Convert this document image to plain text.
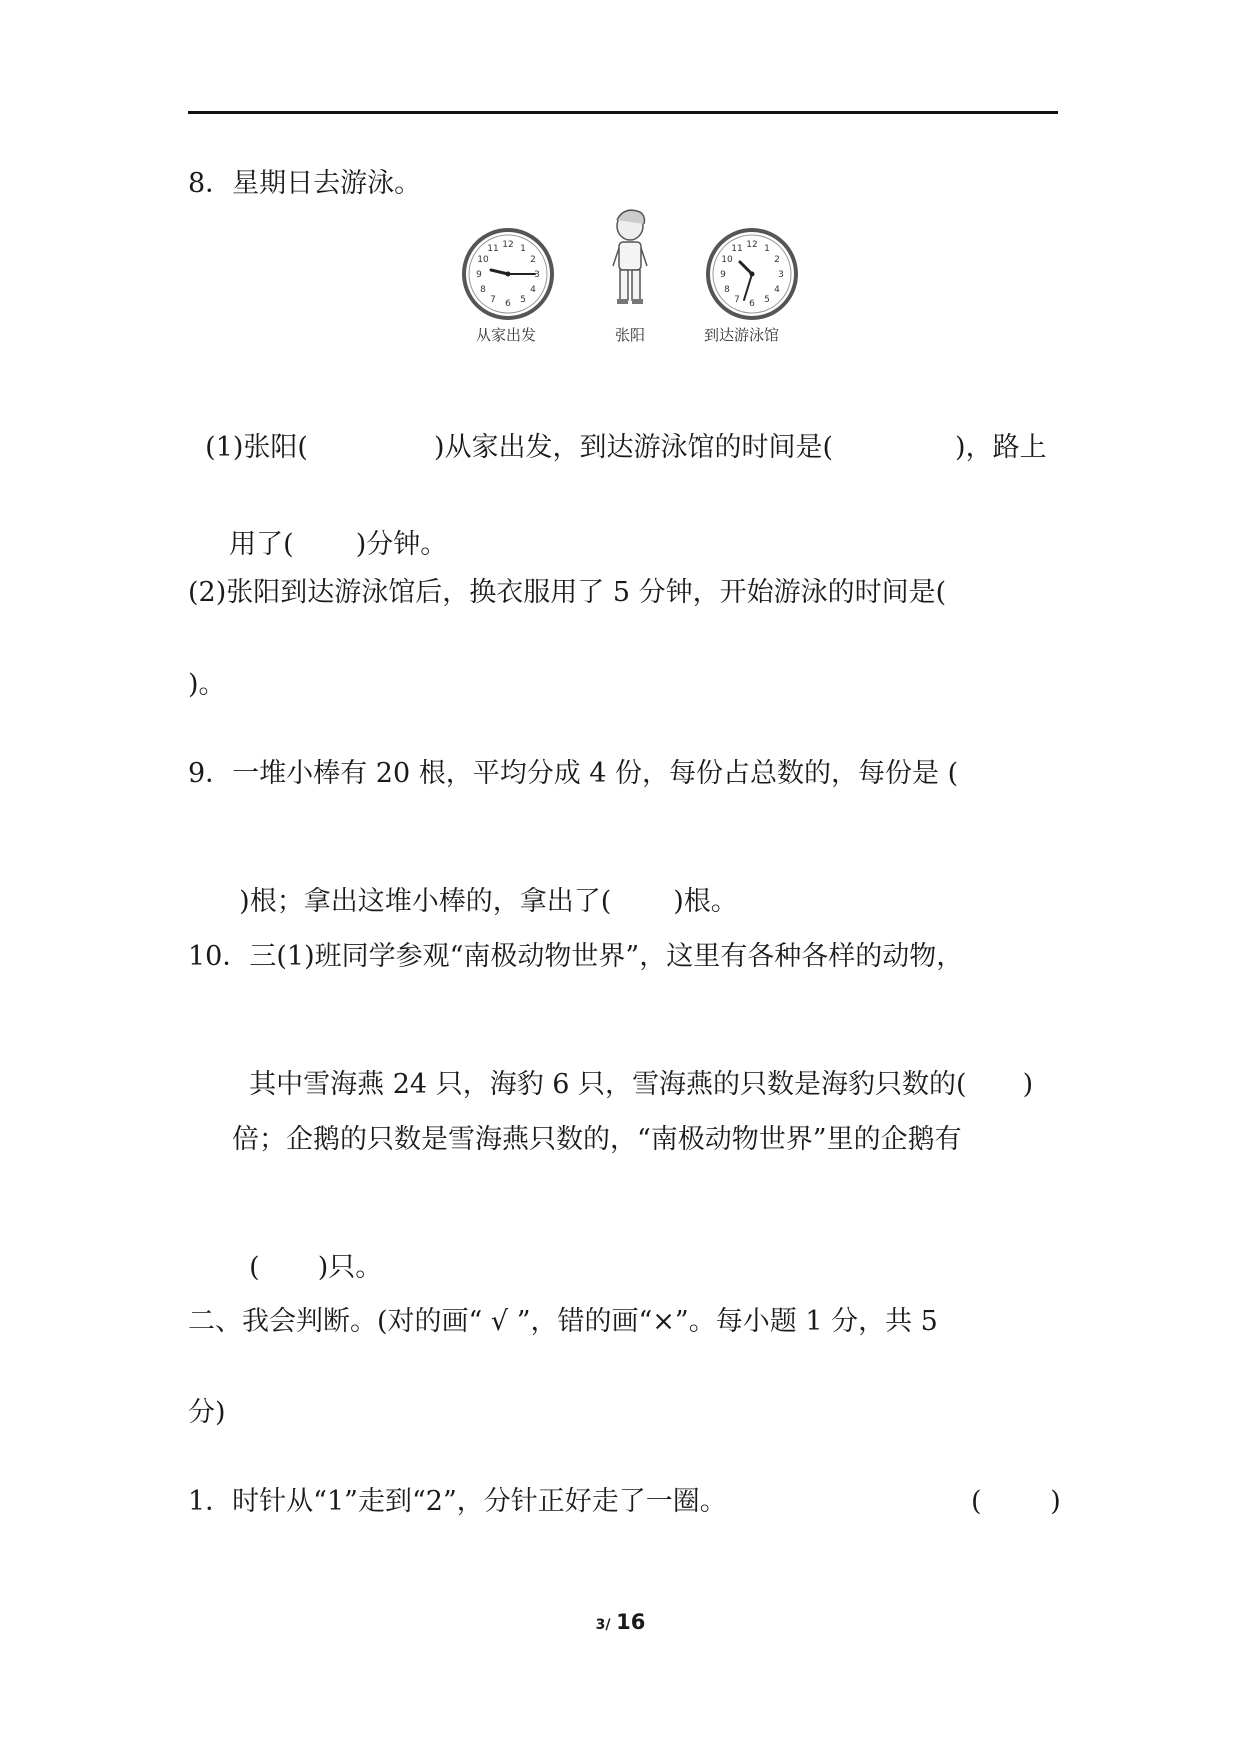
8．星期日去游泳。
12 1
2
3
4
5
6
7
8
9
10
11	12 1
2
3
4
5
6
7
8
9
10
11
从家出发	张阳	到达游泳馆

(1)张阳(	)从家出发，到达游泳馆的时间是(	)，路上

用了( )分钟。

(2)张阳到达游泳馆后，换衣服用了 5 分钟，开始游泳的时间是(
)。
9．一堆小棒有 20 根，平均分成 4 份，每份占总数的，每份是 (

)根；拿出这堆小棒的，拿出了( )根。

10．三(1)班同学参观“南极动物世界”，这里有各种各样的动物，

其中雪海燕 24 只，海豹 6 只，雪海燕的只数是海豹只数的( )

倍；企鹅的只数是雪海燕只数的，“南极动物世界”里的企鹅有

( )只。

二、我会判断。(对的画“ √ ”，错的画“×”。每小题 1 分，共 5
分)
1．时针从“1”走到“2”，分针正好走了一圈。	(        )
3/ 16
